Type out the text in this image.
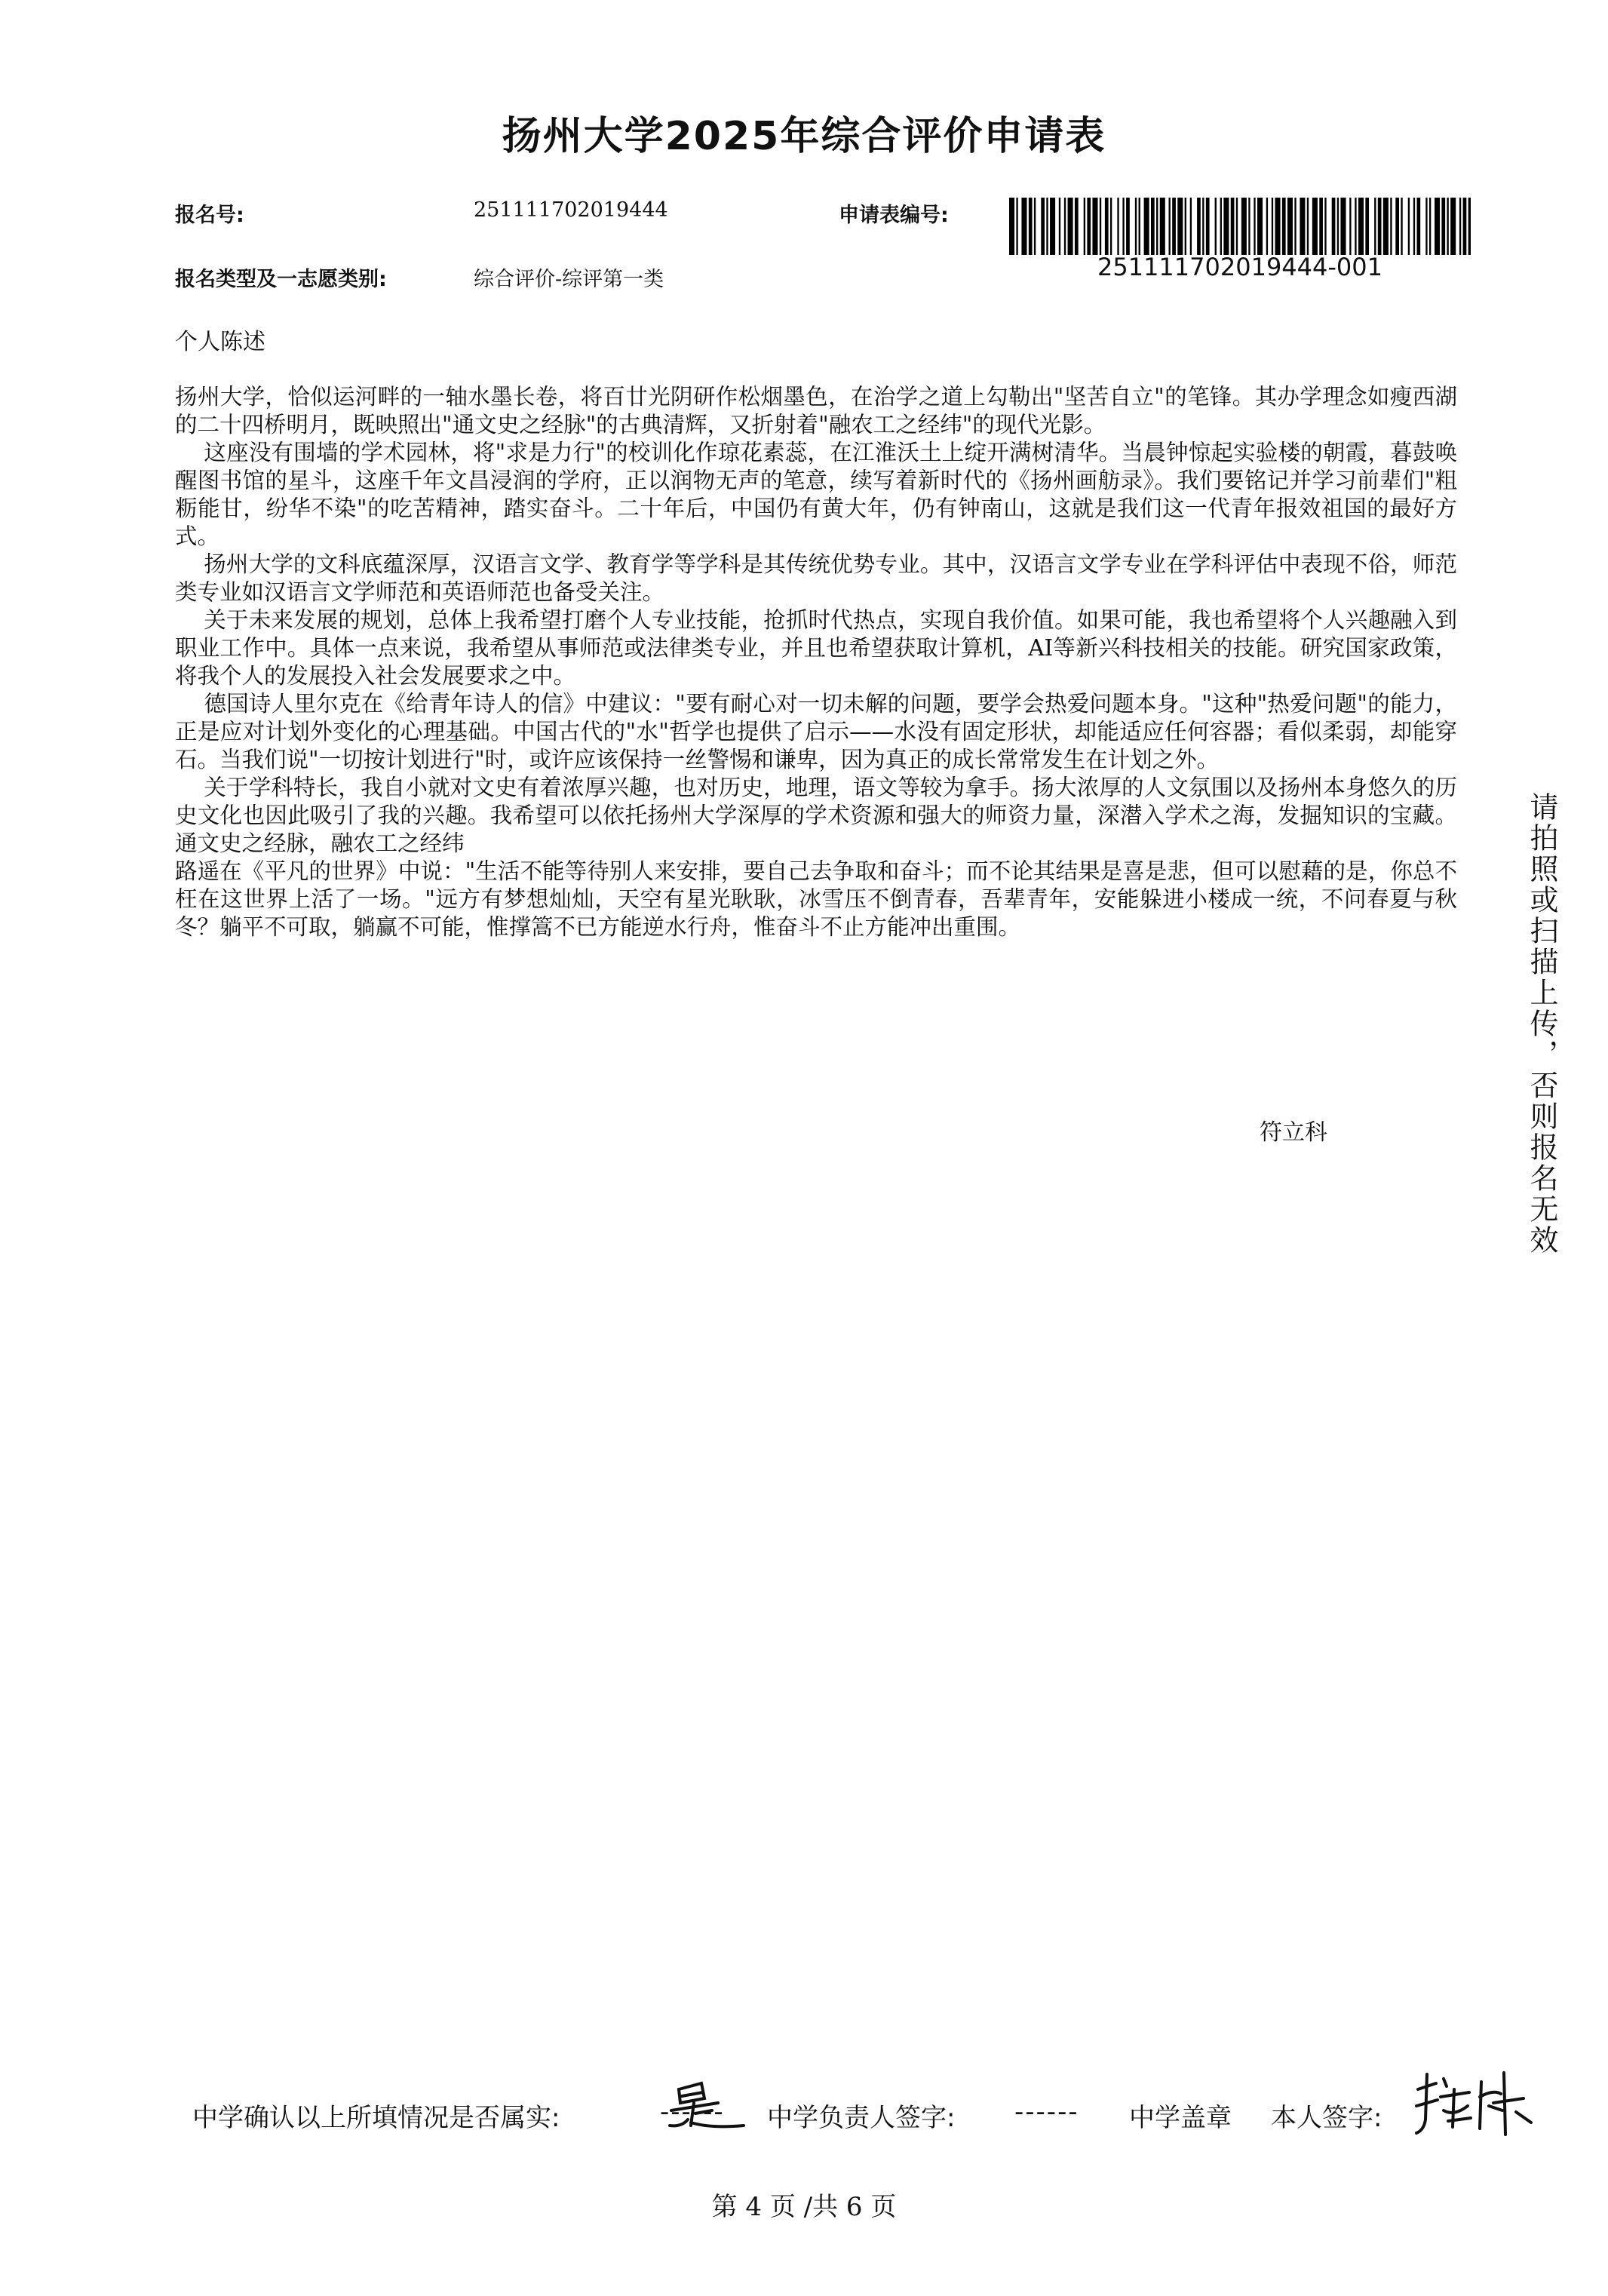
扬州大学2025年综合评价申请表
报名号:	251111702019444	申请表编号:
251111702019444-001
报名类型及一志愿类别:	综合评价-综评第一类
个人陈述

扬州大学，恰似运河畔的一轴水墨长卷，将百廿光阴研作松烟墨色，在治学之道上勾勒出"坚苦自立"的笔锋。其办学理念如瘦西湖的二十四桥明月，既映照出"通文史之经脉"的古典清辉，又折射着"融农工之经纬"的现代光影。

这座没有围墙的学术园林，将"求是力行"的校训化作琼花素蕊，在江淮沃土上绽开满树清华。当晨钟惊起实验楼的朝霞，暮鼓唤醒图书馆的星斗，这座千年文昌浸润的学府，正以润物无声的笔意，续写着新时代的《扬州画舫录》。我们要铭记并学习前辈们"粗粝能甘，纷华不染"的吃苦精神，踏实奋斗。二十年后，中国仍有黄大年，仍有钟南山，这就是我们这一代青年报效祖国的最好方式。

扬州大学的文科底蕴深厚，汉语言文学、教育学等学科是其传统优势专业。其中，汉语言文学专业在学科评估中表现不俗，师范类专业如汉语言文学师范和英语师范也备受关注。

关于未来发展的规划，总体上我希望打磨个人专业技能，抢抓时代热点，实现自我价值。如果可能，我也希望将个人兴趣融入到职业工作中。具体一点来说，我希望从事师范或法律类专业，并且也希望获取计算机，AI等新兴科技相关的技能。研究国家政策，将我个人的发展投入社会发展要求之中。

德国诗人里尔克在《给青年诗人的信》中建议："要有耐心对一切未解的问题，要学会热爱问题本身。"这种"热爱问题"的能力，正是应对计划外变化的心理基础。中国古代的"水"哲学也提供了启示——水没有固定形状，却能适应任何容器；看似柔弱，却能穿石。当我们说"一切按计划进行"时，或许应该保持一丝警惕和谦卑，因为真正的成长常常发生在计划之外。

关于学科特长，我自小就对文史有着浓厚兴趣，也对历史，地理，语文等较为拿手。扬大浓厚的人文氛围以及扬州本身悠久的历史文化也因此吸引了我的兴趣。我希望可以依托扬州大学深厚的学术资源和强大的师资力量，深潜入学术之海，发掘知识的宝藏。通文史之经脉，融农工之经纬

路遥在《平凡的世界》中说："生活不能等待别人来安排，要自己去争取和奋斗；而不论其结果是喜是悲，但可以慰藉的是，你总不枉在这世界上活了一场。"远方有梦想灿灿，天空有星光耿耿，冰雪压不倒青春，吾辈青年，安能躲进小楼成一统，不问春夏与秋冬？躺平不可取，躺赢不可能，惟撑篙不已方能逆水行舟，惟奋斗不止方能冲出重围。

符立科	请拍照或扫描上传，否则报名无效
中学确认以上所填情况是否属实:	------ 中学负责人签字: ------ 中学盖章 本人签字:
第 4 页 /共 6 页
